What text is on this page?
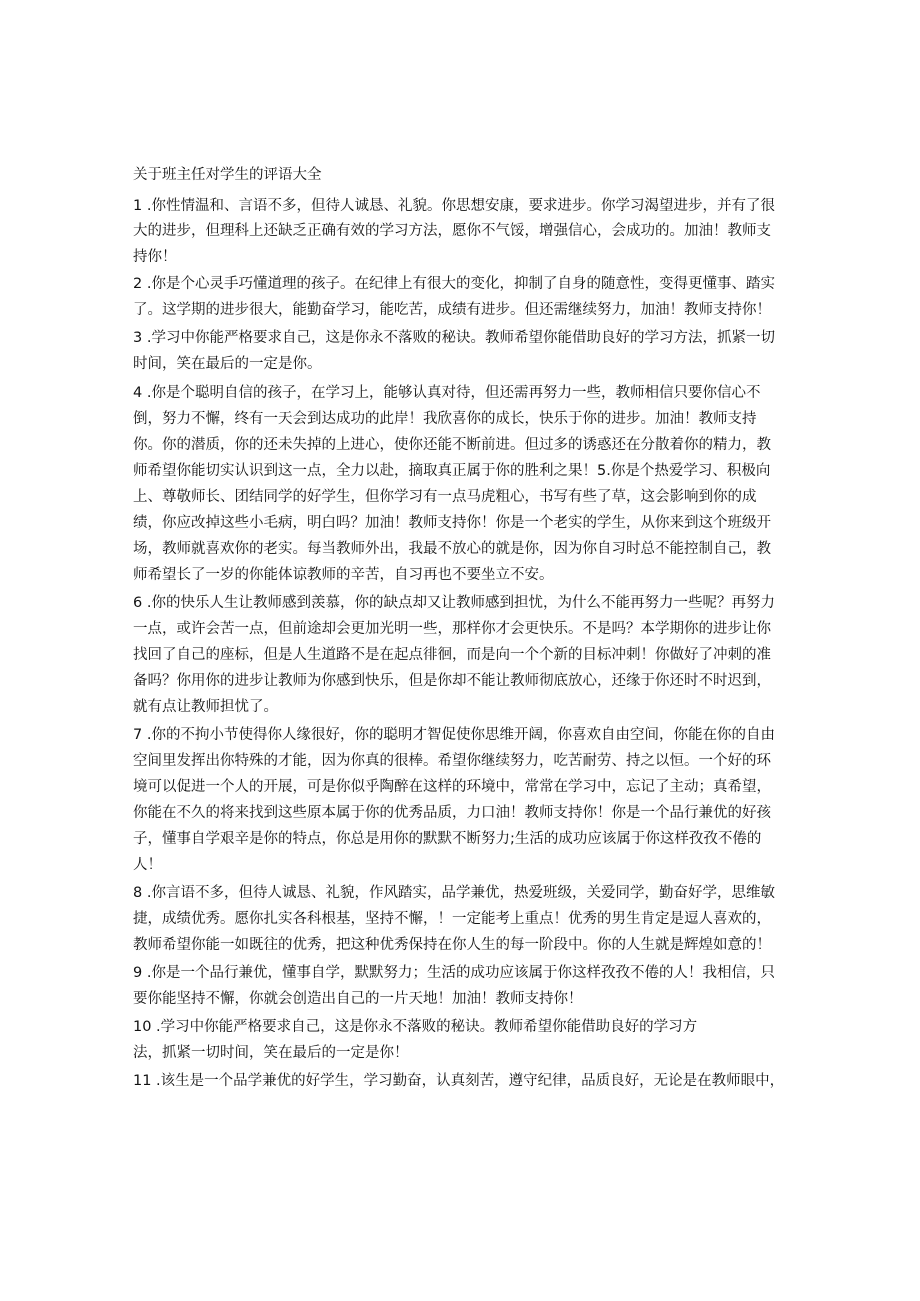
关于班主任对学生的评语大全
1 .你性情温和、言语不多，但待人诚恳、礼貌。你思想安康，要求进步。你学习渴望进步，并有了很
大的进步，但理科上还缺乏正确有效的学习方法，愿你不气馁，增强信心，会成功的。加油！教师支
持你！
2 .你是个心灵手巧懂道理的孩子。在纪律上有很大的变化，抑制了自身的随意性，变得更懂事、踏实
了。这学期的进步很大，能勤奋学习，能吃苦，成绩有进步。但还需继续努力，加油！教师支持你！
3 .学习中你能严格要求自己，这是你永不落败的秘诀。教师希望你能借助良好的学习方法，抓紧一切
时间，笑在最后的一定是你。
4 .你是个聪明自信的孩子，在学习上，能够认真对待，但还需再努力一些，教师相信只要你信心不
倒，努力不懈，终有一天会到达成功的此岸！我欣喜你的成长，快乐于你的进步。加油！教师支持
你。你的潜质，你的还未失掉的上进心，使你还能不断前进。但过多的诱惑还在分散着你的精力，教
师希望你能切实认识到这一点，全力以赴，摘取真正属于你的胜利之果！5.你是个热爱学习、积极向
上、尊敬师长、团结同学的好学生，但你学习有一点马虎粗心，书写有些了草，这会影响到你的成
绩，你应改掉这些小毛病，明白吗？加油！教师支持你！你是一个老实的学生，从你来到这个班级开
场，教师就喜欢你的老实。每当教师外出，我最不放心的就是你，因为你自习时总不能控制自己，教
师希望长了一岁的你能体谅教师的辛苦，自习再也不要坐立不安。
6 .你的快乐人生让教师感到羡慕，你的缺点却又让教师感到担忧，为什么不能再努力一些呢？再努力
一点，或许会苦一点，但前途却会更加光明一些，那样你才会更快乐。不是吗？本学期你的进步让你
找回了自己的座标，但是人生道路不是在起点徘徊，而是向一个个新的目标冲刺！你做好了冲刺的准
备吗？你用你的进步让教师为你感到快乐，但是你却不能让教师彻底放心，还缘于你还时不时迟到，
就有点让教师担忧了。
7 .你的不拘小节使得你人缘很好，你的聪明才智促使你思维开阔，你喜欢自由空间，你能在你的自由
空间里发挥出你特殊的才能，因为你真的很棒。希望你继续努力，吃苦耐劳、持之以恒。一个好的环
境可以促进一个人的开展，可是你似乎陶醉在这样的环境中，常常在学习中，忘记了主动；真希望，
你能在不久的将来找到这些原本属于你的优秀品质，力口油！教师支持你！你是一个品行兼优的好孩
子，懂事自学艰辛是你的特点，你总是用你的默默不断努力;生活的成功应该属于你这样孜孜不倦的
人！
8 .你言语不多，但待人诚恳、礼貌，作风踏实，品学兼优，热爱班级，关爱同学，勤奋好学，思维敏
捷，成绩优秀。愿你扎实各科根基，坚持不懈，！一定能考上重点！优秀的男生肯定是逗人喜欢的，
教师希望你能一如既往的优秀，把这种优秀保持在你人生的每一阶段中。你的人生就是辉煌如意的！
9 .你是一个品行兼优，懂事自学，默默努力；生活的成功应该属于你这样孜孜不倦的人！我相信，只
要你能坚持不懈，你就会创造出自己的一片天地！加油！教师支持你！
10 .学习中你能严格要求自己，这是你永不落败的秘诀。教师希望你能借助良好的学习方
法，抓紧一切时间，笑在最后的一定是你！
11 .该生是一个品学兼优的好学生，学习勤奋，认真刻苦，遵守纪律，品质良好，无论是在教师眼中，
